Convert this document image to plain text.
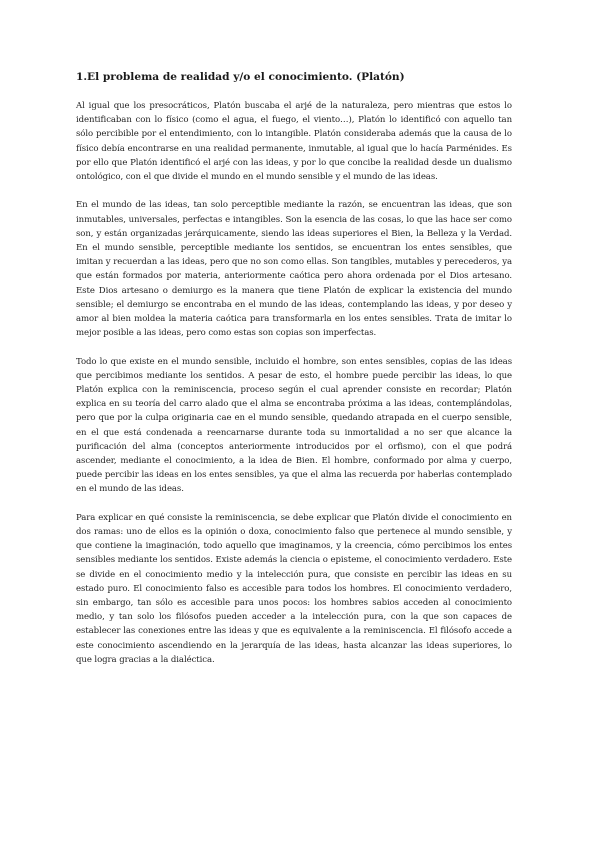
1.El problema de realidad y/o el conocimiento. (Platón)

Al igual que los presocráticos, Platón buscaba el arjé de la naturaleza, pero mientras que estos lo identificaban con lo físico (como el agua, el fuego, el viento…), Platón lo identificó con aquello tan sólo percibible por el entendimiento, con lo intangible. Platón consideraba además que la causa de lo físico debía encontrarse en una realidad permanente, inmutable, al igual que lo hacía Parménides. Es por ello que Platón identificó el arjé con las ideas, y por lo que concibe la realidad desde un dualismo ontológico, con el que divide el mundo en el mundo sensible y el mundo de las ideas.

En el mundo de las ideas, tan solo perceptible mediante la razón, se encuentran las ideas, que son inmutables, universales, perfectas e intangibles. Son la esencia de las cosas, lo que las hace ser como son, y están organizadas jerárquicamente, siendo las ideas superiores el Bien, la Belleza y la Verdad. En el mundo sensible, perceptible mediante los sentidos, se encuentran los entes sensibles, que imitan y recuerdan a las ideas, pero que no son como ellas. Son tangibles, mutables y perecederos, ya que están formados por materia, anteriormente caótica pero ahora ordenada por el Dios artesano. Este Dios artesano o demiurgo es la manera que tiene Platón de explicar la existencia del mundo sensible; el demiurgo se encontraba en el mundo de las ideas, contemplando las ideas, y por deseo y amor al bien moldea la materia caótica para transformarla en los entes sensibles. Trata de imitar lo mejor posible a las ideas, pero como estas son copias son imperfectas.

Todo lo que existe en el mundo sensible, incluido el hombre, son entes sensibles, copias de las ideas que percibimos mediante los sentidos. A pesar de esto, el hombre puede percibir las ideas, lo que Platón explica con la reminiscencia, proceso según el cual aprender consiste en recordar; Platón explica en su teoría del carro alado que el alma se encontraba próxima a las ideas, contemplándolas, pero que por la culpa originaria cae en el mundo sensible, quedando atrapada en el cuerpo sensible, en el que está condenada a reencarnarse durante toda su inmortalidad a no ser que alcance la purificación del alma (conceptos anteriormente introducidos por el orfismo), con el que podrá ascender, mediante el conocimiento, a la idea de Bien. El hombre, conformado por alma y cuerpo, puede percibir las ideas en los entes sensibles, ya que el alma las recuerda por haberlas contemplado en el mundo de las ideas.

Para explicar en qué consiste la reminiscencia, se debe explicar que Platón divide el conocimiento en dos ramas: uno de ellos es la opinión o doxa, conocimiento falso que pertenece al mundo sensible, y que contiene la imaginación, todo aquello que imaginamos, y la creencia, cómo percibimos los entes sensibles mediante los sentidos. Existe además la ciencia o episteme, el conocimiento verdadero. Este se divide en el conocimiento medio y la intelección pura, que consiste en percibir las ideas en su estado puro. El conocimiento falso es accesible para todos los hombres. El conocimiento verdadero, sin embargo, tan sólo es accesible para unos pocos: los hombres sabios acceden al conocimiento medio, y tan solo los filósofos pueden acceder a la intelección pura, con la que son capaces de establecer las conexiones entre las ideas y que es equivalente a la reminiscencia. El filósofo accede a este conocimiento ascendiendo en la jerarquía de las ideas, hasta alcanzar las ideas superiores, lo que logra gracias a la dialéctica.
